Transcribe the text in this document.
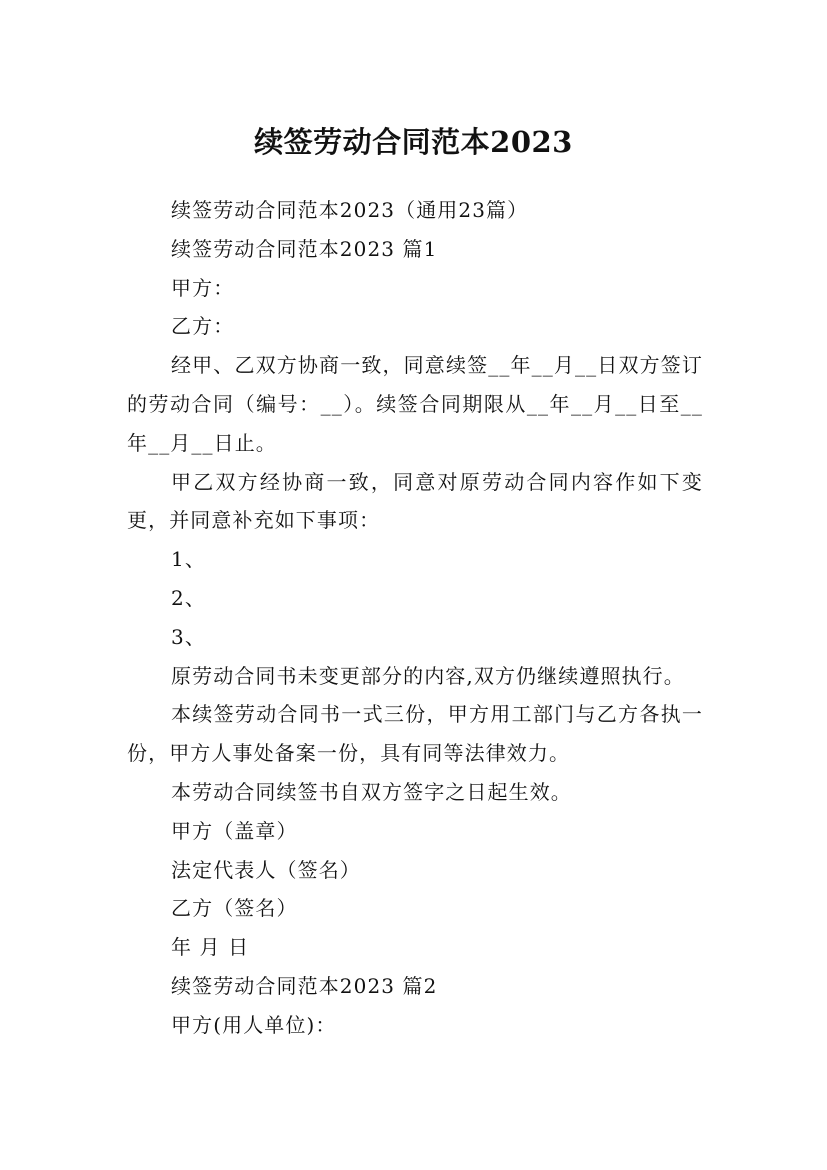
续签劳动合同范本2023

续签劳动合同范本2023（通用23篇）

续签劳动合同范本2023 篇1

甲方：

乙方：

经甲、乙双方协商一致，同意续签__年__月__日双方签订的劳动合同（编号：__）。续签合同期限从__年__月__日至__年__月__日止。

甲乙双方经协商一致，同意对原劳动合同内容作如下变更，并同意补充如下事项：

1、

2、

3、

原劳动合同书未变更部分的内容,双方仍继续遵照执行。

本续签劳动合同书一式三份，甲方用工部门与乙方各执一份，甲方人事处备案一份，具有同等法律效力。

本劳动合同续签书自双方签字之日起生效。

甲方（盖章）

法定代表人（签名）

乙方（签名）

年 月 日

续签劳动合同范本2023 篇2

甲方(用人单位)：
